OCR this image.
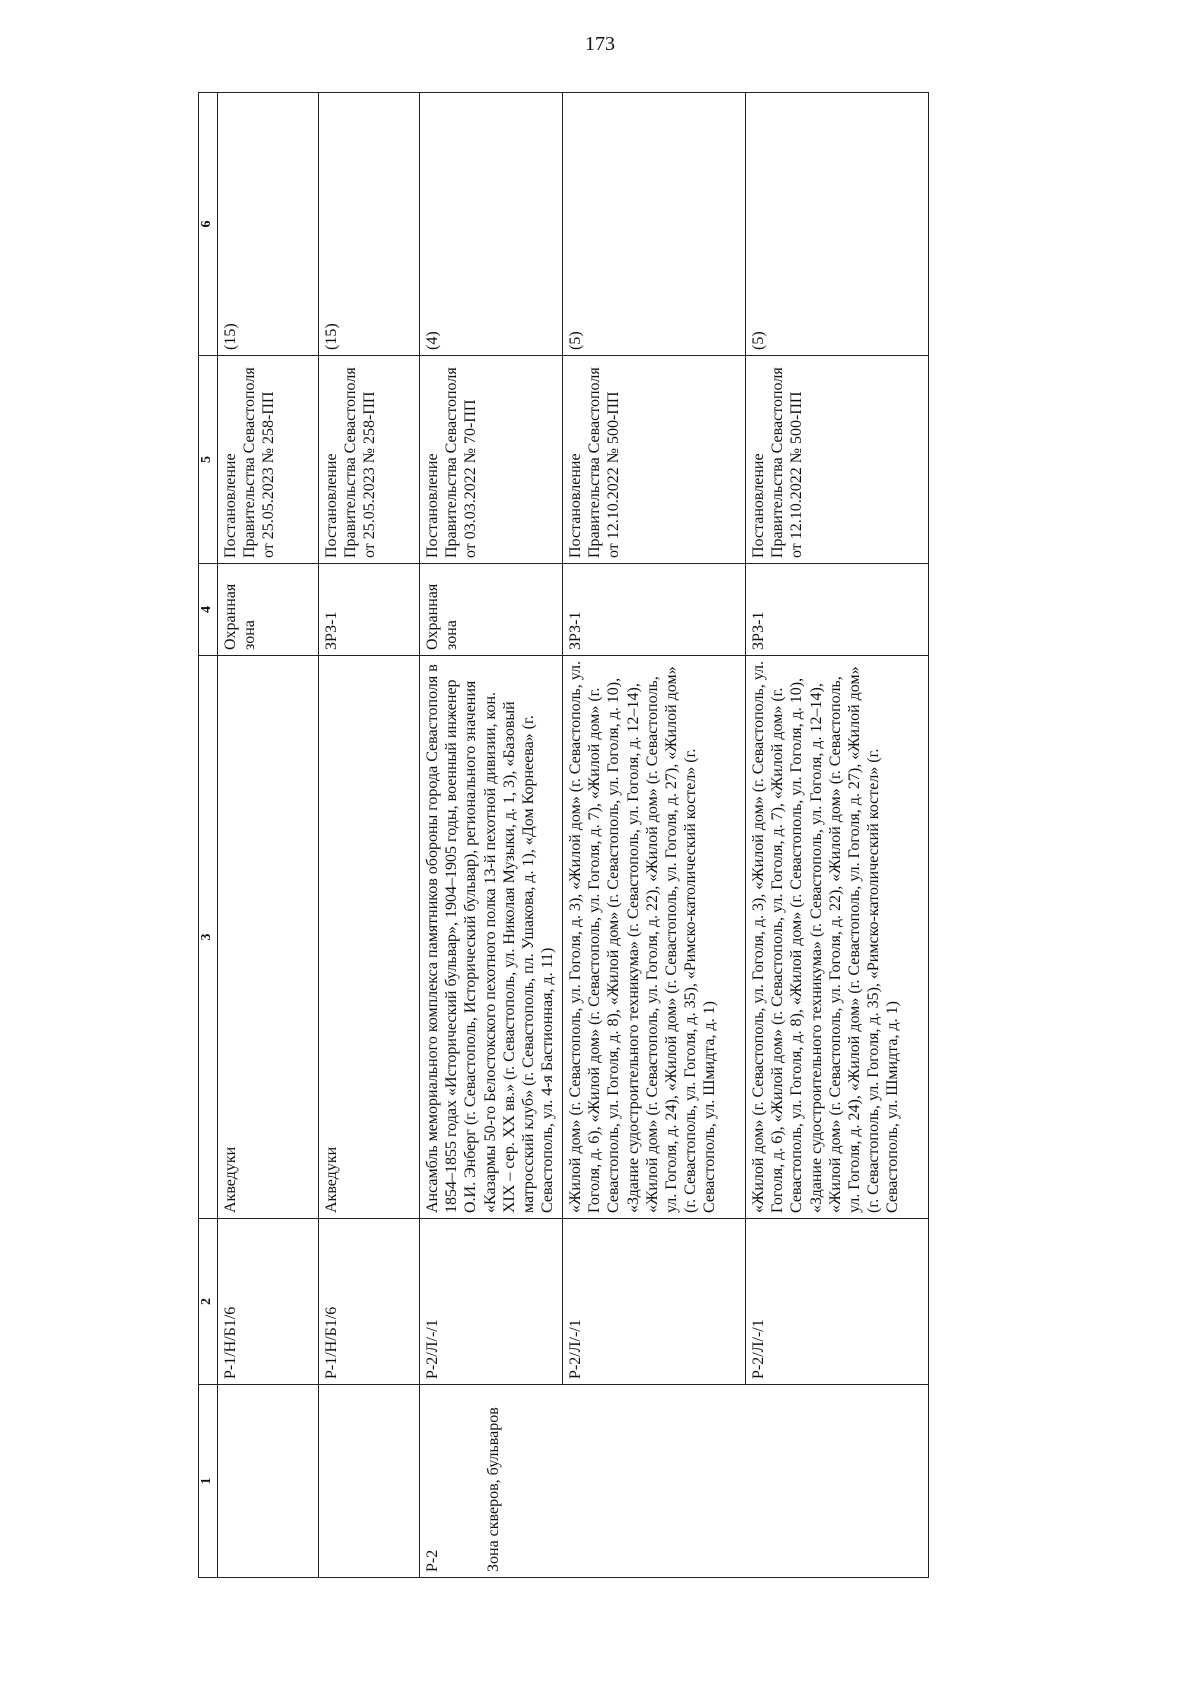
173
1	2	3	4	5	6

	Р-1/Н/Б1/6	Акведуки	Охранная зона	Постановление Правительства Севастополя от 25.05.2023 № 258-ПП	(15)

	Р-1/Н/Б1/6	Акведуки	ЗРЗ-1	Постановление Правительства Севастополя от 25.05.2023 № 258-ПП	(15)

Р-2 Зона скверов, бульваров	Р-2/Л/-/1	Ансамбль мемориального комплекса памятников обороны города Севастополя в 1854–1855 годах «Исторический бульвар», 1904–1905 годы, военный инженер О.И. Энберг (г. Севастополь, Исторический бульвар), регионального значения «Казармы 50-го Белостокского пехотного полка 13-й пехотной дивизии, кон. XIX – сер. XX вв.» (г. Севастополь, ул. Николая Музыки, д. 1, 3), «Базовый матросский клуб» (г. Севастополь, пл. Ушакова, д. 1), «Дом Корнеева» (г. Севастополь, ул. 4-я Бастионная, д. 11)	Охранная зона	Постановление Правительства Севастополя от 03.03.2022 № 70-ПП	(4)
	Р-2/Л/-/1	«Жилой дом» (г. Севастополь, ул. Гоголя, д. 3), «Жилой дом» (г. Севастополь, ул. Гоголя, д. 6), «Жилой дом» (г. Севастополь, ул. Гоголя, д. 7), «Жилой дом» (г. Севастополь, ул. Гоголя, д. 8), «Жилой дом» (г. Севастополь, ул. Гоголя, д. 10), «Здание судостроительного техникума» (г. Севастополь, ул. Гоголя, д. 12–14), «Жилой дом» (г. Севастополь, ул. Гоголя, д. 22), «Жилой дом» (г. Севастополь, ул. Гоголя, д. 24), «Жилой дом» (г. Севастополь, ул. Гоголя, д. 27), «Жилой дом» (г. Севастополь, ул. Гоголя, д. 35), «Римско-католический костел» (г. Севастополь, ул. Шмидта, д. 1)	ЗРЗ-1	Постановление Правительства Севастополя от 12.10.2022 № 500-ПП	(5)
	Р-2/Л/-/1	«Жилой дом» (г. Севастополь, ул. Гоголя, д. 3), «Жилой дом» (г. Севастополь, ул. Гоголя, д. 6), «Жилой дом» (г. Севастополь, ул. Гоголя, д. 7), «Жилой дом» (г. Севастополь, ул. Гоголя, д. 8), «Жилой дом» (г. Севастополь, ул. Гоголя, д. 10), «Здание судостроительного техникума» (г. Севастополь, ул. Гоголя, д. 12–14), «Жилой дом» (г. Севастополь, ул. Гоголя, д. 22), «Жилой дом» (г. Севастополь, ул. Гоголя, д. 24), «Жилой дом» (г. Севастополь, ул. Гоголя, д. 27), «Жилой дом» (г. Севастополь, ул. Гоголя, д. 35), «Римско-католический костел» (г. Севастополь, ул. Шмидта, д. 1)	ЗРЗ-1	Постановление Правительства Севастополя от 12.10.2022 № 500-ПП	(5)
